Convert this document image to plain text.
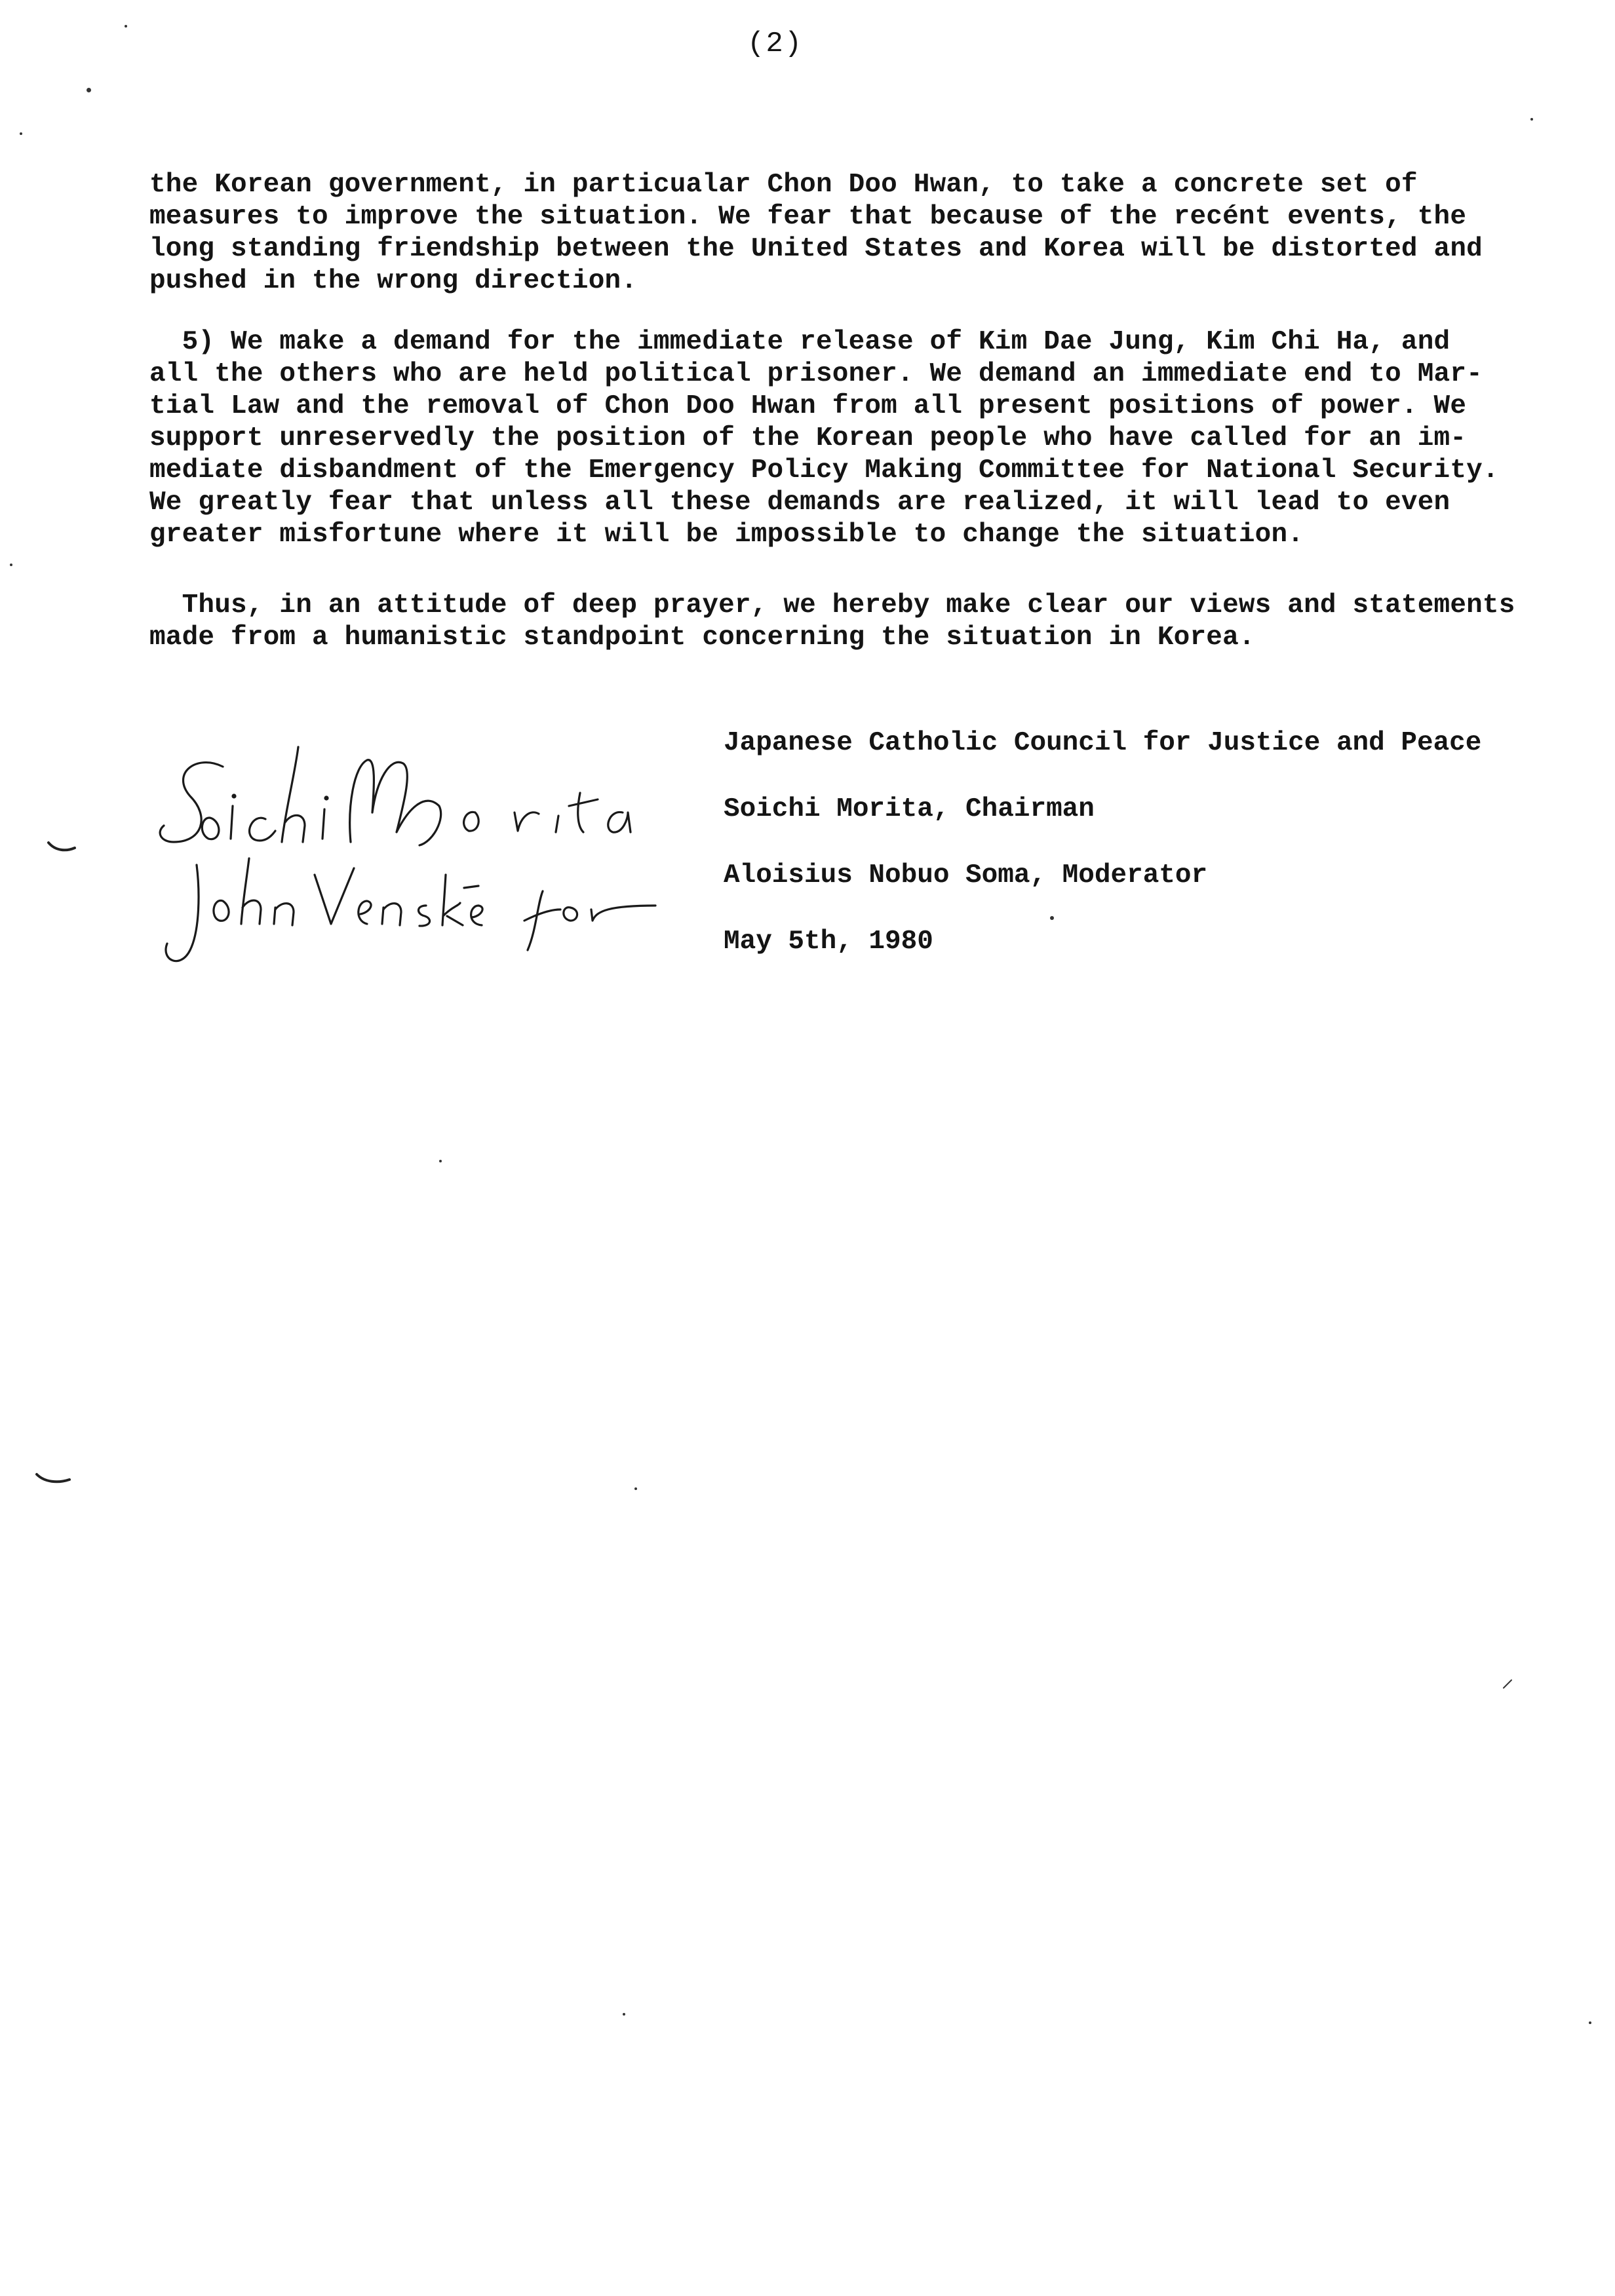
(2)

the Korean government, in particualar Chon Doo Hwan, to take a concrete set of
measures to improve the situation. We fear that because of the recént events, the
long standing friendship between the United States and Korea will be distorted and
pushed in the wrong direction.

5) We make a demand for the immediate release of Kim Dae Jung, Kim Chi Ha, and
all the others who are held political prisoner. We demand an immediate end to Mar-
tial Law and the removal of Chon Doo Hwan from all present positions of power. We
support unreservedly the position of the Korean people who have called for an im-
mediate disbandment of the Emergency Policy Making Committee for National Security.
We greatly fear that unless all these demands are realized, it will lead to even
greater misfortune where it will be impossible to change the situation.

Thus, in an attitude of deep prayer, we hereby make clear our views and statements
made from a humanistic standpoint concerning the situation in Korea.

Japanese Catholic Council for Justice and Peace
Soichi Morita, Chairman
Aloisius Nobuo Soma, Moderator
May 5th, 1980
